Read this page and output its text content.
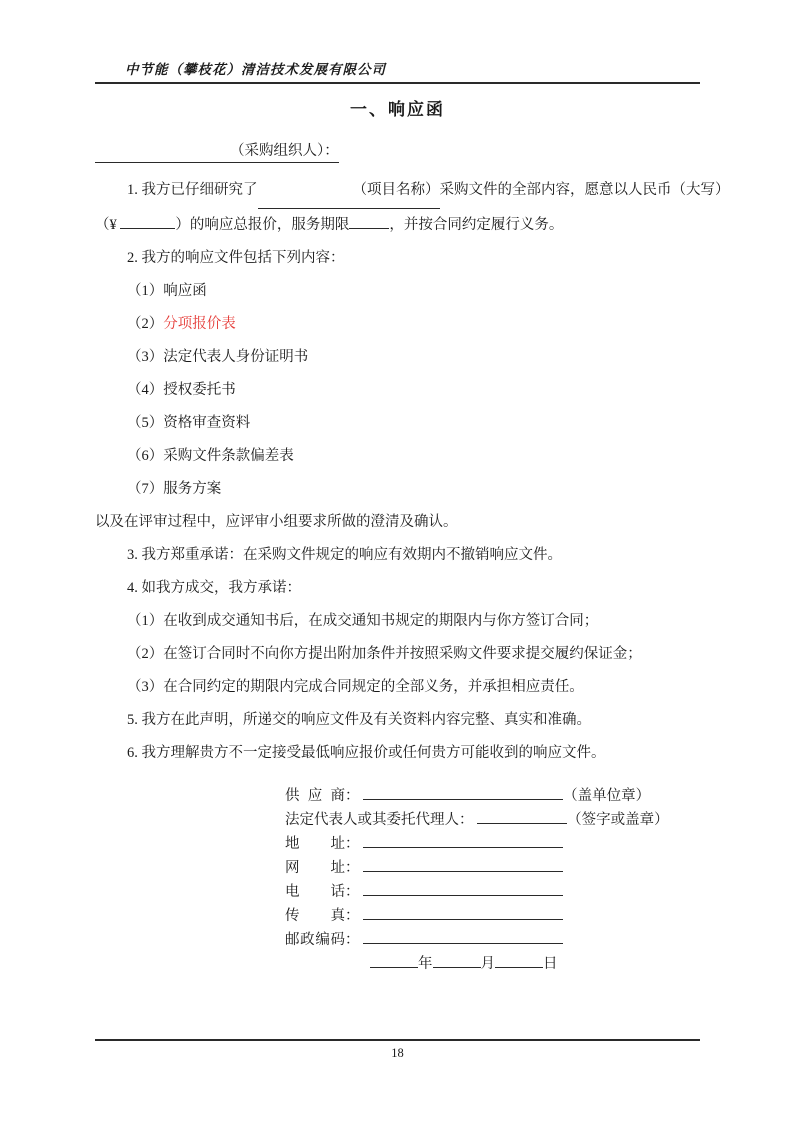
中节能（攀枝花）清洁技术发展有限公司
一、响应函
（采购组织人）：
1. 我方已仔细研究了	（项目名称）采购文件的全部内容，愿意以人民币（大写）
（¥	）的响应总报价，服务期限	，并按合同约定履行义务。
2. 我方的响应文件包括下列内容：
（1）响应函
（2）分项报价表
（3）法定代表人身份证明书
（4）授权委托书
（5）资格审查资料
（6）采购文件条款偏差表
（7）服务方案
以及在评审过程中，应评审小组要求所做的澄清及确认。
3. 我方郑重承诺：在采购文件规定的响应有效期内不撤销响应文件。
4. 如我方成交，我方承诺：
（1）在收到成交通知书后，在成交通知书规定的期限内与你方签订合同；
（2）在签订合同时不向你方提出附加条件并按照采购文件要求提交履约保证金；
（3）在合同约定的期限内完成合同规定的全部义务，并承担相应责任。
5. 我方在此声明，所递交的响应文件及有关资料内容完整、真实和准确。
6. 我方理解贵方不一定接受最低响应报价或任何贵方可能收到的响应文件。
供应商：	（盖单位章）
法定代表人或其委托代理人：	（签字或盖章）
地址：
网址：
电话：
传真：
邮政编码：
年	月	日
18
